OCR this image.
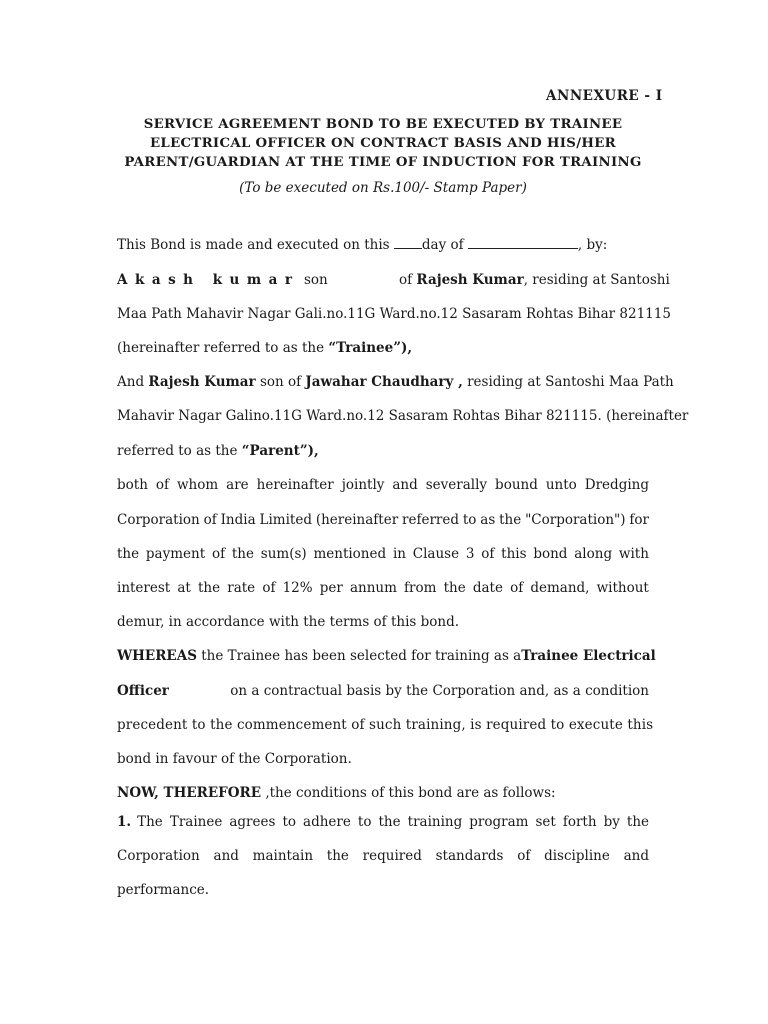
ANNEXURE - I
SERVICE AGREEMENT BOND TO BE EXECUTED BY TRAINEE
ELECTRICAL OFFICER ON CONTRACT BASIS AND HIS/HER
PARENT/GUARDIAN AT THE TIME OF INDUCTION FOR TRAINING
(To be executed on Rs.100/- Stamp Paper)
This Bond is made and executed on this day of	, by:
Akash kumar son	of Rajesh Kumar, residing at Santoshi
Maa Path Mahavir Nagar Gali.no.11G Ward.no.12 Sasaram Rohtas Bihar 821115
(hereinafter referred to as the “Trainee”),
And Rajesh Kumar son of Jawahar Chaudhary , residing at Santoshi Maa Path
Mahavir Nagar Galino.11G Ward.no.12 Sasaram Rohtas Bihar 821115. (hereinafter
referred to as the “Parent”),
both of whom are hereinafter jointly and severally bound unto Dredging
Corporation of India Limited (hereinafter referred to as the "Corporation") for
the payment of the sum(s) mentioned in Clause 3 of this bond along with
interest at the rate of 12% per annum from the date of demand, without
demur, in accordance with the terms of this bond.
WHEREAS the Trainee has been selected for training as a Trainee Electrical
Officer	on a contractual basis by the Corporation and, as a condition
precedent to the commencement of such training, is required to execute this
bond in favour of the Corporation.
NOW, THEREFORE ,the conditions of this bond are as follows:
1. The Trainee agrees to adhere to the training program set forth by the
Corporation and maintain the required standards of discipline and
performance.
